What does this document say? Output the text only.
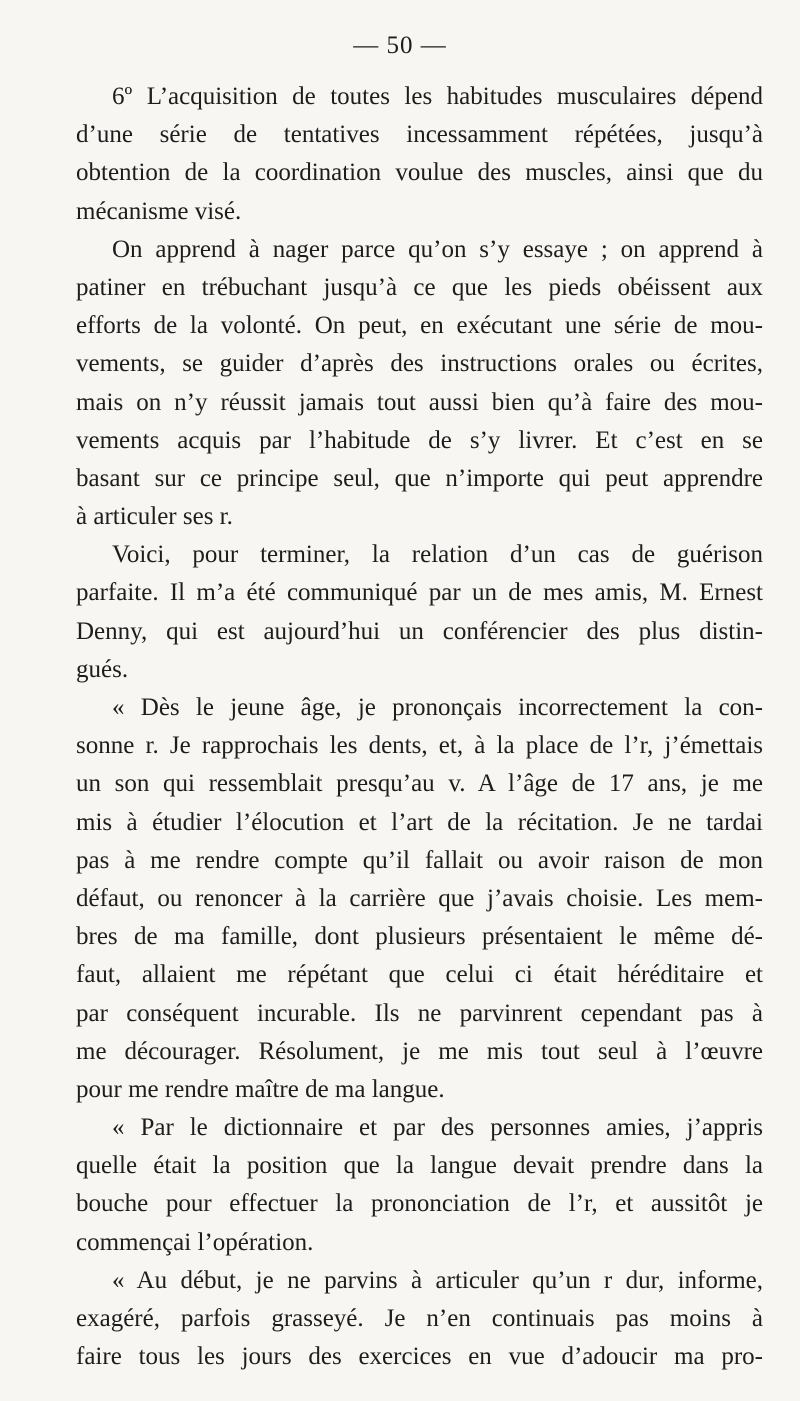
— 50 —
6º L’acquisition de toutes les habitudes musculaires dépend
d’une série de tentatives incessamment répétées, jusqu’à
obtention de la coordination voulue des muscles, ainsi que du
mécanisme visé.
On apprend à nager parce qu’on s’y essaye ; on apprend à
patiner en trébuchant jusqu’à ce que les pieds obéissent aux
efforts de la volonté. On peut, en exécutant une série de mou-
vements, se guider d’après des instructions orales ou écrites,
mais on n’y réussit jamais tout aussi bien qu’à faire des mou-
vements acquis par l’habitude de s’y livrer. Et c’est en se
basant sur ce principe seul, que n’importe qui peut apprendre
à articuler ses r.
Voici, pour terminer, la relation d’un cas de guérison
parfaite. Il m’a été communiqué par un de mes amis, M. Ernest
Denny, qui est aujourd’hui un conférencier des plus distin-
gués.
« Dès le jeune âge, je prononçais incorrectement la con-
sonne r. Je rapprochais les dents, et, à la place de l’r, j’émettais
un son qui ressemblait presqu’au v. A l’âge de 17 ans, je me
mis à étudier l’élocution et l’art de la récitation. Je ne tardai
pas à me rendre compte qu’il fallait ou avoir raison de mon
défaut, ou renoncer à la carrière que j’avais choisie. Les mem-
bres de ma famille, dont plusieurs présentaient le même dé-
faut, allaient me répétant que celui ci était héréditaire et
par conséquent incurable. Ils ne parvinrent cependant pas à
me décourager. Résolument, je me mis tout seul à l’œuvre
pour me rendre maître de ma langue.
« Par le dictionnaire et par des personnes amies, j’appris
quelle était la position que la langue devait prendre dans la
bouche pour effectuer la prononciation de l’r, et aussitôt je
commençai l’opération.
« Au début, je ne parvins à articuler qu’un r dur, informe,
exagéré, parfois grasseyé. Je n’en continuais pas moins à
faire tous les jours des exercices en vue d’adoucir ma pro-
